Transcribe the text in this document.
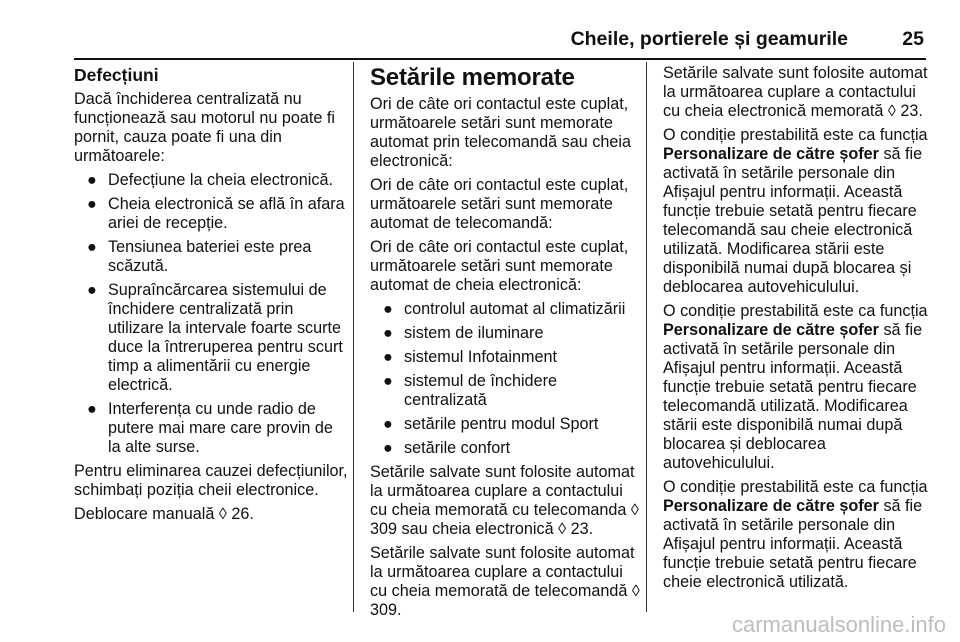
Cheile, portierele și geamurile	25
Defecțiuni

Dacă închiderea centralizată nu funcționează sau motorul nu poate fi pornit, cauza poate fi una din următoarele:

● Defecțiune la cheia electronică.
● Cheia electronică se află în afara ariei de recepție.
● Tensiunea bateriei este prea scăzută.
● Supraîncărcarea sistemului de închidere centralizată prin utilizare la intervale foarte scurte duce la întreruperea pentru scurt timp a alimentării cu energie electrică.
● Interferența cu unde radio de putere mai mare care provin de la alte surse.

Pentru eliminarea cauzei defecțiunilor, schimbați poziția cheii electronice.

Deblocare manuală ◊ 26.

Setările memorate

Ori de câte ori contactul este cuplat, următoarele setări sunt memorate automat prin telecomandă sau cheia electronică:

Ori de câte ori contactul este cuplat, următoarele setări sunt memorate automat de telecomandă:

Ori de câte ori contactul este cuplat, următoarele setări sunt memorate automat de cheia electronică:

● controlul automat al climatizării
● sistem de iluminare
● sistemul Infotainment
● sistemul de închidere centralizată
● setările pentru modul Sport
● setările confort

Setările salvate sunt folosite automat la următoarea cuplare a contactului cu cheia memorată cu telecomanda ◊ 309 sau cheia electronică ◊ 23.

Setările salvate sunt folosite automat la următoarea cuplare a contactului cu cheia memorată de telecomandă ◊ 309.

Setările salvate sunt folosite automat la următoarea cuplare a contactului cu cheia electronică memorată ◊ 23.

O condiție prestabilită este ca funcția Personalizare de către șofer să fie activată în setările personale din Afișajul pentru informații. Această funcție trebuie setată pentru fiecare telecomandă sau cheie electronică utilizată. Modificarea stării este disponibilă numai după blocarea și deblocarea autovehiculului.

O condiție prestabilită este ca funcția Personalizare de către șofer să fie activată în setările personale din Afișajul pentru informații. Această funcție trebuie setată pentru fiecare telecomandă utilizată. Modificarea stării este disponibilă numai după blocarea și deblocarea autovehiculului.

O condiție prestabilită este ca funcția Personalizare de către șofer să fie activată în setările personale din Afișajul pentru informații. Această funcție trebuie setată pentru fiecare cheie electronică utilizată.

carmanualsonline.info
